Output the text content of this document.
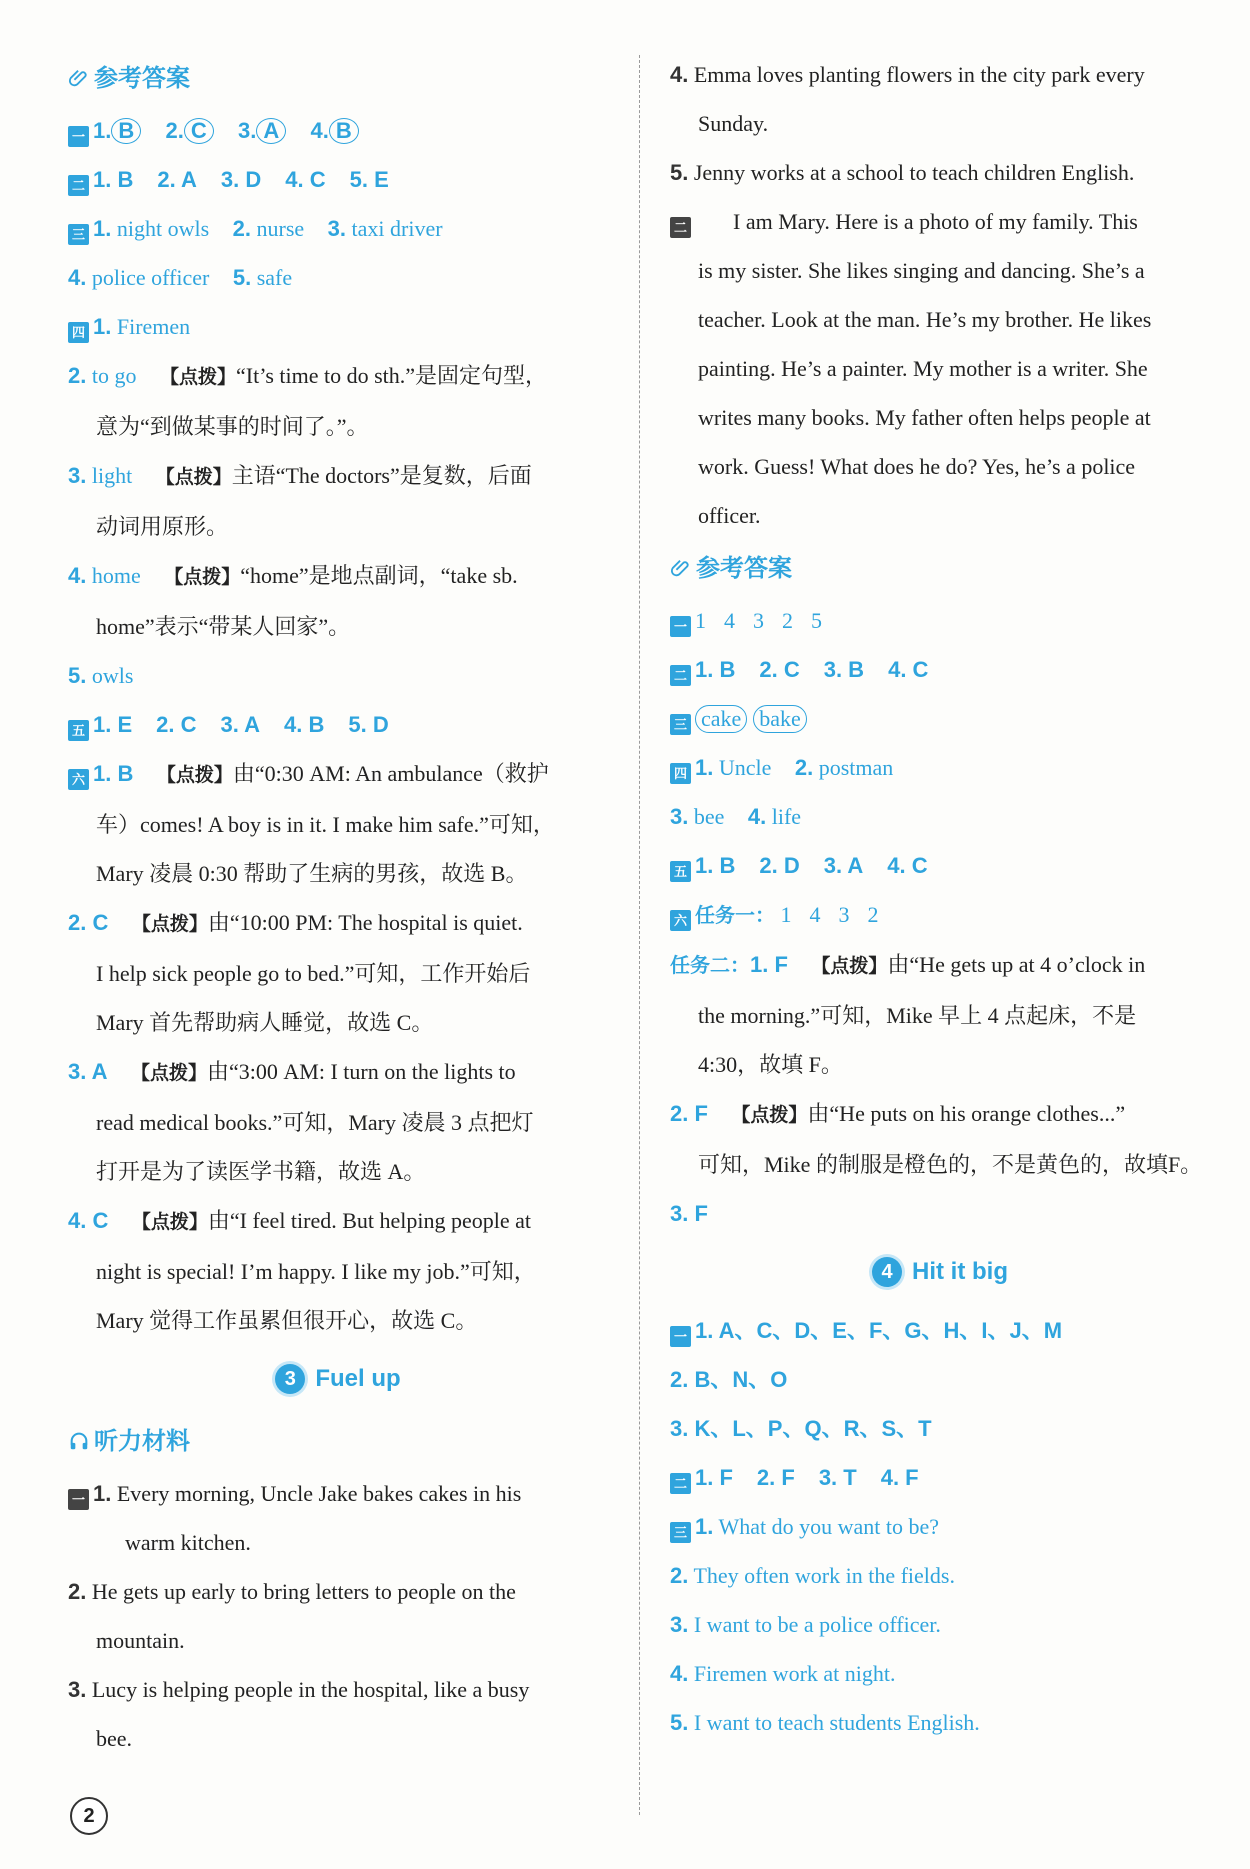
参考答案
一 1. B 2. C 3. A 4. B
二 1. B 2. A 3. D 4. C 5. E
三 1. night owls 2. nurse 3. taxi driver
4. police officer 5. safe
四 1. Firemen
2. to go 【点拨】“It’s time to do sth.”是固定句型，
意为“到做某事的时间了。”。
3. light 【点拨】主语“The doctors”是复数，后面
动词用原形。
4. home 【点拨】“home”是地点副词，“take sb.
home”表示“带某人回家”。
5. owls
五 1. E 2. C 3. A 4. B 5. D
六 1. B 【点拨】由“0:30 AM: An ambulance（救护
车）comes! A boy is in it. I make him safe.”可知，
Mary 凌晨 0:30 帮助了生病的男孩，故选 B。
2. C 【点拨】由“10:00 PM: The hospital is quiet.
I help sick people go to bed.”可知，工作开始后
Mary 首先帮助病人睡觉，故选 C。
3. A 【点拨】由“3:00 AM: I turn on the lights to
read medical books.”可知，Mary 凌晨 3 点把灯
打开是为了读医学书籍，故选 A。
4. C 【点拨】由“I feel tired. But helping people at
night is special! I’m happy. I like my job.”可知，
Mary 觉得工作虽累但很开心，故选 C。
3 Fuel up
听力材料
一 1. Every morning, Uncle Jake bakes cakes in his
warm kitchen.
2. He gets up early to bring letters to people on the
mountain.
3. Lucy is helping people in the hospital, like a busy
bee.
4. Emma loves planting flowers in the city park every
Sunday.
5. Jenny works at a school to teach children English.
二 I am Mary. Here is a photo of my family. This
is my sister. She likes singing and dancing. She’s a
teacher. Look at the man. He’s my brother. He likes
painting. He’s a painter. My mother is a writer. She
writes many books. My father often helps people at
work. Guess! What does he do? Yes, he’s a police
officer.
参考答案
一 1 4 3 2 5
二 1. B 2. C 3. B 4. C
三 cake bake
四 1. Uncle 2. postman
3. bee 4. life
五 1. B 2. D 3. A 4. C
六 任务一： 1 4 3 2
任务二：1. F 【点拨】由“He gets up at 4 o’clock in
the morning.”可知，Mike 早上 4 点起床，不是
4:30，故填 F。
2. F 【点拨】由“He puts on his orange clothes...”
可知，Mike 的制服是橙色的，不是黄色的，故填F。
3. F
4 Hit it big
一 1. A、C、D、E、F、G、H、I、J、M
2. B、N、O
3. K、L、P、Q、R、S、T
二 1. F 2. F 3. T 4. F
三 1. What do you want to be?
2. They often work in the fields.
3. I want to be a police officer.
4. Firemen work at night.
5. I want to teach students English.
2
